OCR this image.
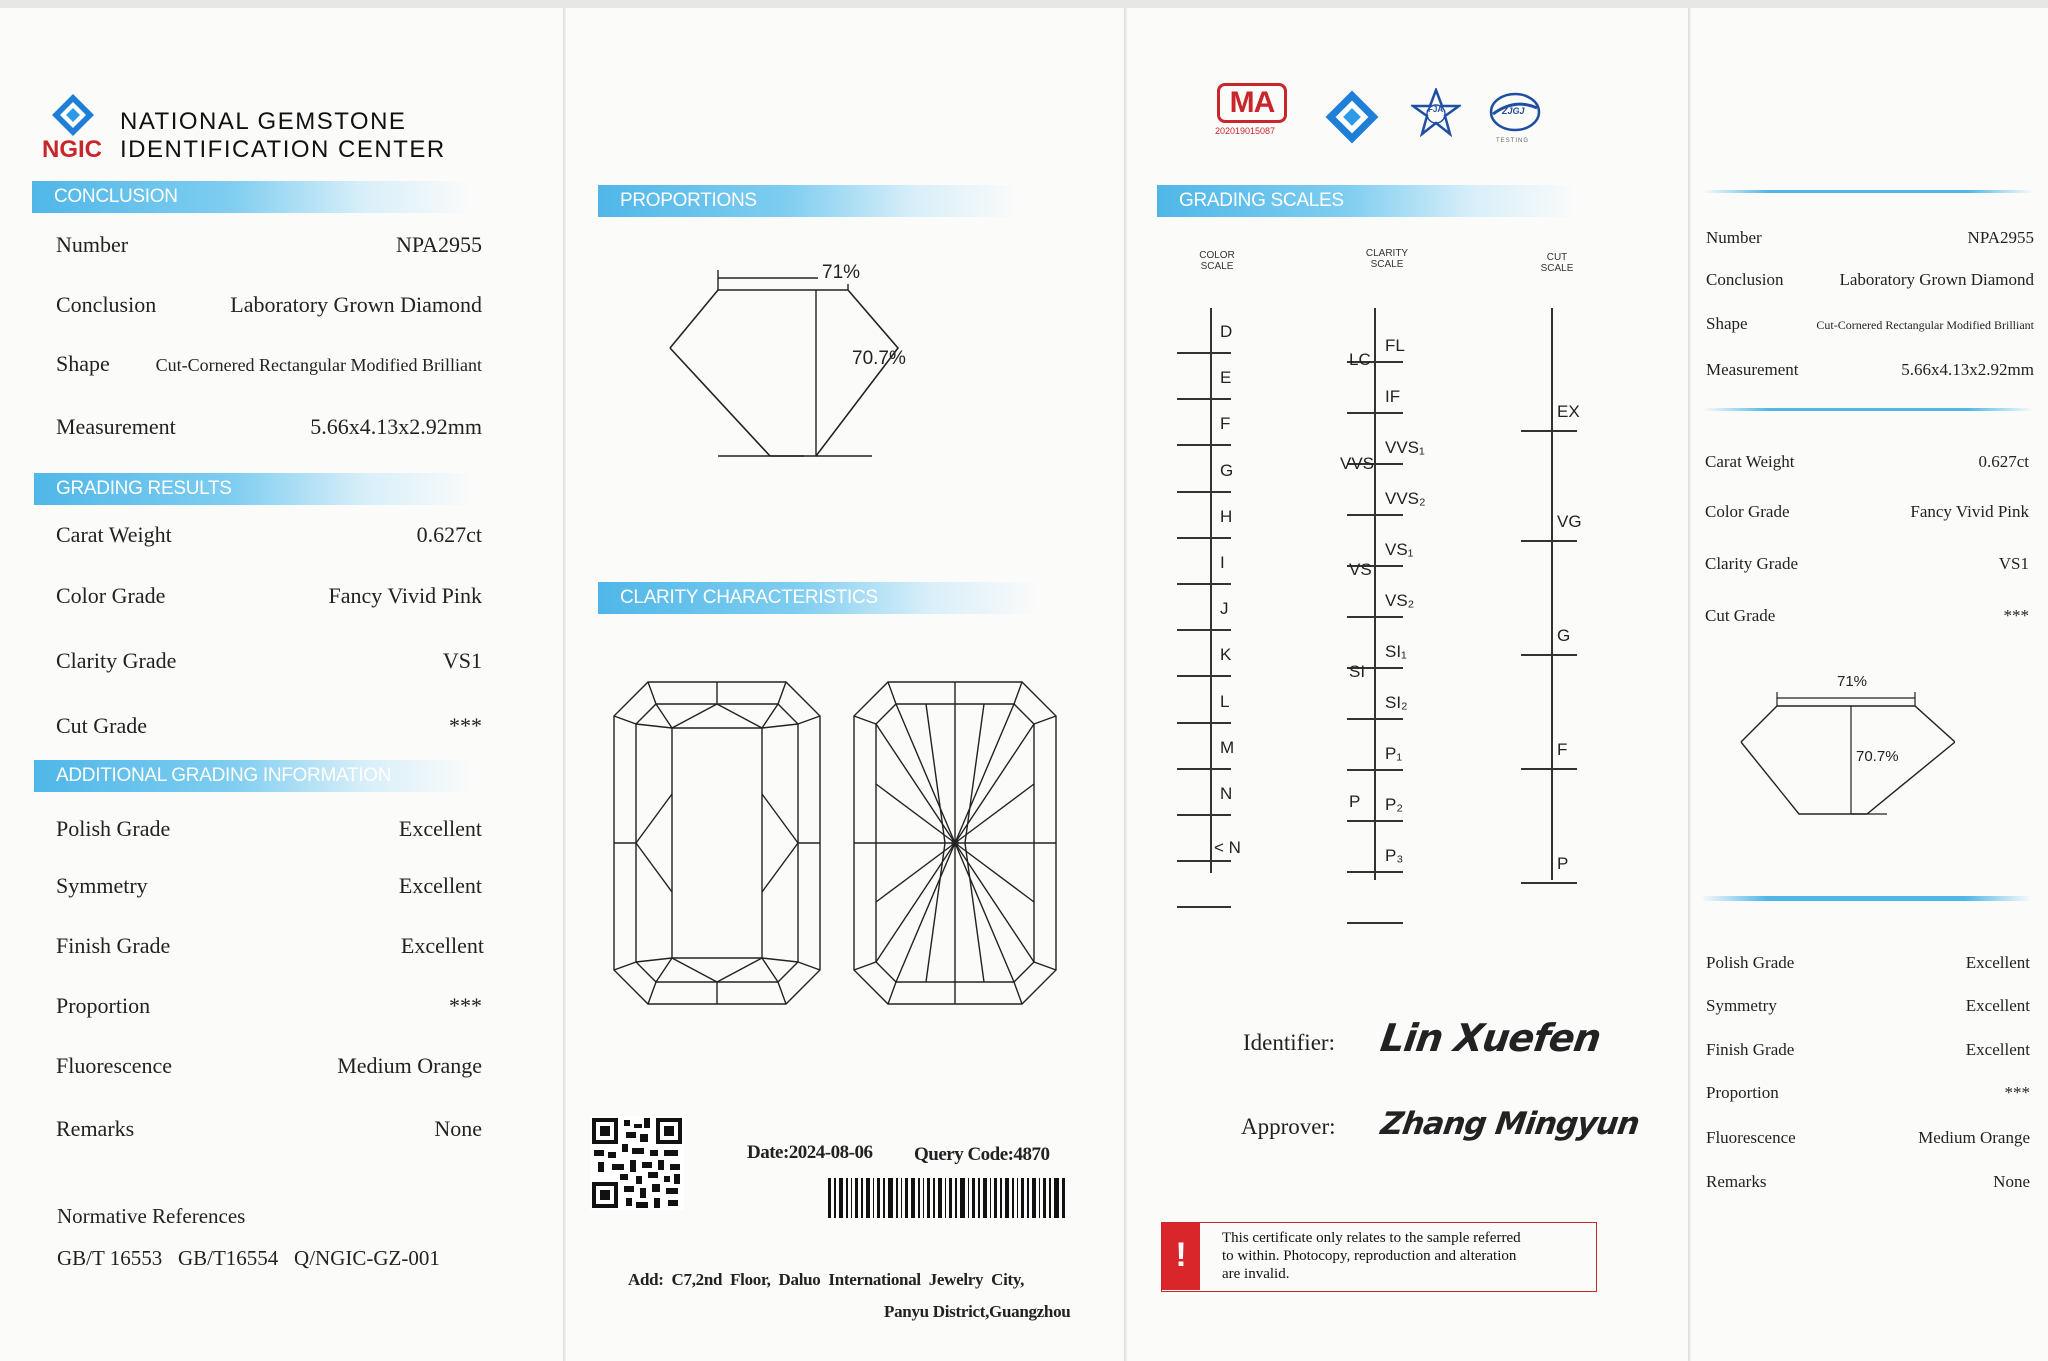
NGIC
NATIONAL GEMSTONE
IDENTIFICATION CENTER
CONCLUSION
Number	NPA2955
Conclusion	Laboratory Grown Diamond
Shape	Cut-Cornered Rectangular Modified Brilliant
Measurement	5.66x4.13x2.92mm
GRADING RESULTS
Carat Weight	0.627ct
Color Grade	Fancy Vivid Pink
Clarity Grade	VS1
Cut Grade	***
ADDITIONAL GRADING INFORMATION
Polish Grade	Excellent
Symmetry	Excellent
Finish Grade	Excellent
Proportion	***
Fluorescence	Medium Orange
Remarks	None
Normative References
GB/T 16553   GB/T16554   Q/NGIC-GZ-001
PROPORTIONS
71%
70.7%
CLARITY CHARACTERISTICS
Date:2024-08-06 Query Code:4870
Add:  C7,2nd  Floor,  Daluo  International  Jewelry  City,
Panyu District,Guangzhou
MA
202019015087
FJA	ZJGJ
TESTING
GRADING SCALES
COLOR
SCALE
CLARITY
SCALE
CUT
SCALE
Identifier: Lin Xuefen
Approver: Zhang Mingyun
!	This certificate only relates to the sample referred
to within. Photocopy, reproduction and alteration
are invalid.
D
E
F
G
H
I
J
K
L
M
N
< N
FL
IF
VVS₁
VVS₂
VS₁
VS₂
SI₁
SI₂
P₁
P₂
P₃
LC
VVS
VS
SI
P
EX
VG
G
F
P
Number	NPA2955
Conclusion	Laboratory Grown Diamond
Shape	Cut-Cornered Rectangular Modified Brilliant
Measurement	5.66x4.13x2.92mm
Carat Weight	0.627ct
Color Grade	Fancy Vivid Pink
Clarity Grade	VS1
Cut Grade	***
71%
70.7%
Polish Grade	Excellent
Symmetry	Excellent
Finish Grade	Excellent
Proportion	***
Fluorescence	Medium Orange
Remarks	None
